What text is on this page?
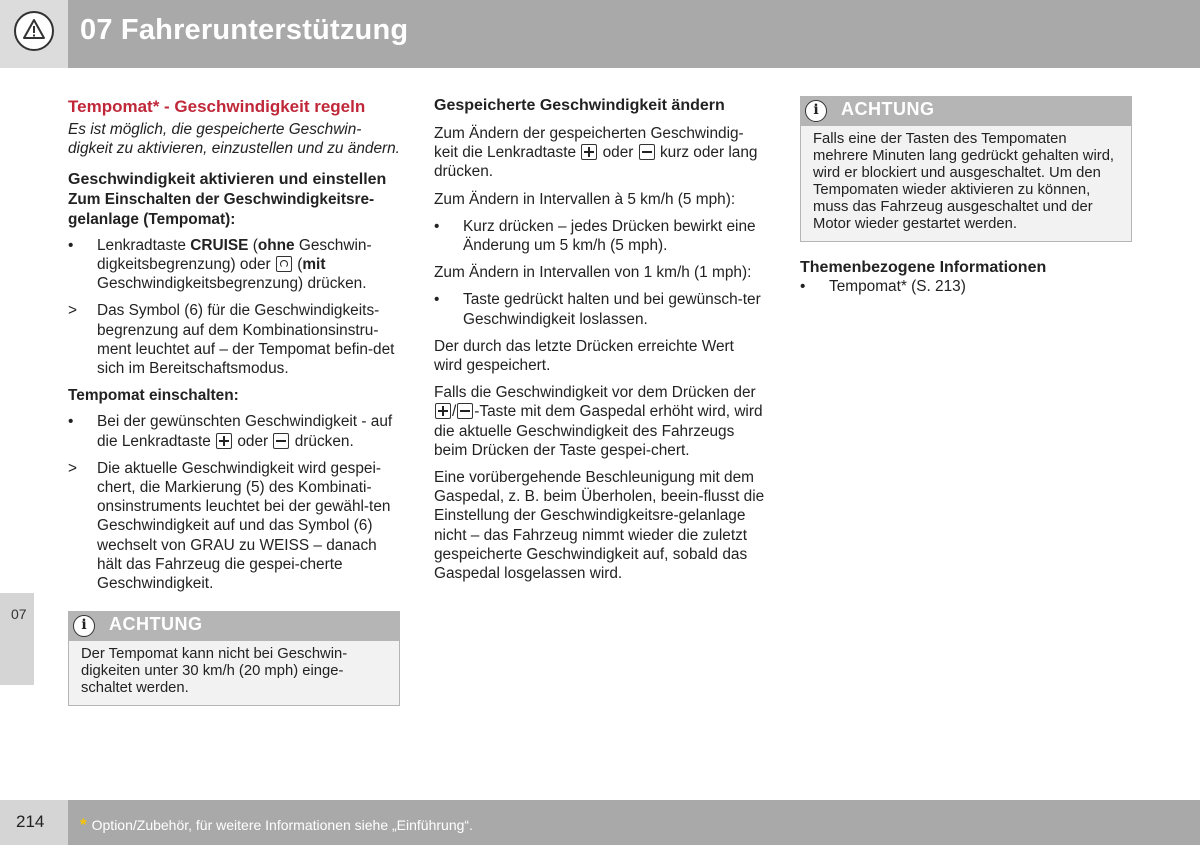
07 Fahrerunterstützung
07
Tempomat* - Geschwindigkeit regeln
Es ist möglich, die gespeicherte Geschwin-digkeit zu aktivieren, einzustellen und zu ändern.
Geschwindigkeit aktivieren und einstellen
Zum Einschalten der Geschwindigkeitsre-gelanlage (Tempomat):
• Lenkradtaste CRUISE (ohne Geschwin-digkeitsbegrenzung) oder  (mit Geschwindigkeitsbegrenzung) drücken.
> Das Symbol (6) für die Geschwindigkeits-begrenzung auf dem Kombinationsinstru-ment leuchtet auf – der Tempomat befin-det sich im Bereitschaftsmodus.
Tempomat einschalten:
• Bei der gewünschten Geschwindigkeit - auf die Lenkradtaste  oder  drücken.
> Die aktuelle Geschwindigkeit wird gespei-chert, die Markierung (5) des Kombinati-onsinstruments leuchtet bei der gewähl-ten Geschwindigkeit auf und das Symbol (6) wechselt von GRAU zu WEISS – danach hält das Fahrzeug die gespei-cherte Geschwindigkeit.
i	ACHTUNG
Der Tempomat kann nicht bei Geschwin-digkeiten unter 30 km/h (20 mph) einge-schaltet werden.
Gespeicherte Geschwindigkeit ändern

Zum Ändern der gespeicherten Geschwindig-keit die Lenkradtaste  oder  kurz oder lang drücken.

Zum Ändern in Intervallen à 5 km/h (5 mph):

• Kurz drücken – jedes Drücken bewirkt eine Änderung um 5 km/h (5 mph).

Zum Ändern in Intervallen von 1 km/h (1 mph):

• Taste gedrückt halten und bei gewünsch-ter Geschwindigkeit loslassen.

Der durch das letzte Drücken erreichte Wert wird gespeichert.

Falls die Geschwindigkeit vor dem Drücken der / -Taste mit dem Gaspedal erhöht wird, wird die aktuelle Geschwindigkeit des Fahrzeugs beim Drücken der Taste gespei-chert.

Eine vorübergehende Beschleunigung mit dem Gaspedal, z. B. beim Überholen, beein-flusst die Einstellung der Geschwindigkeitsre-gelanlage nicht – das Fahrzeug nimmt wieder die zuletzt gespeicherte Geschwindigkeit auf, sobald das Gaspedal losgelassen wird.

i	ACHTUNG
Falls eine der Tasten des Tempomaten mehrere Minuten lang gedrückt gehalten wird, wird er blockiert und ausgeschaltet. Um den Tempomaten wieder aktivieren zu können, muss das Fahrzeug ausgeschaltet und der Motor wieder gestartet werden.
Themenbezogene Informationen
• Tempomat* (S. 213)
214 * Option/Zubehör, für weitere Informationen siehe „Einführung“.
